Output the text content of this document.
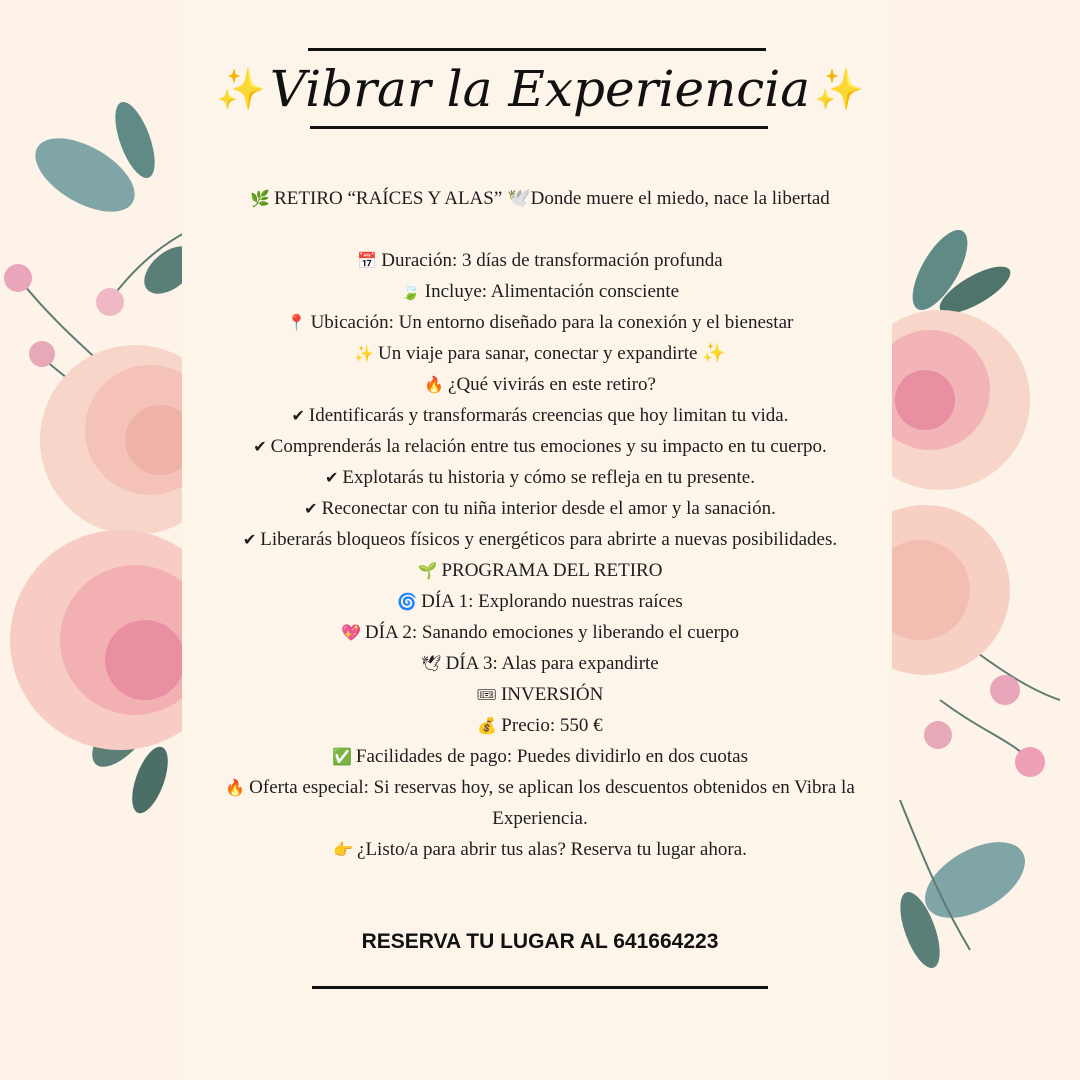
✨ Vibrar la Experiencia ✨
🌿 RETIRO “RAÍCES Y ALAS” 🕊️Donde muere el miedo, nace la libertad
📅 Duración: 3 días de transformación profunda
🍃 Incluye: Alimentación consciente
📍 Ubicación: Un entorno diseñado para la conexión y el bienestar
✨ Un viaje para sanar, conectar y expandirte ✨
🔥 ¿Qué vivirás en este retiro?
✔ Identificarás y transformarás creencias que hoy limitan tu vida.
✔ Comprenderás la relación entre tus emociones y su impacto en tu cuerpo.
✔ Explotarás tu historia y cómo se refleja en tu presente.
✔ Reconectar con tu niña interior desde el amor y la sanación.
✔ Liberarás bloqueos físicos y energéticos para abrirte a nuevas posibilidades.
🌱 PROGRAMA DEL RETIRO
🌀 DÍA 1: Explorando nuestras raíces
💖 DÍA 2: Sanando emociones y liberando el cuerpo
🕊 DÍA 3: Alas para expandirte
🎟 INVERSIÓN
💰 Precio: 550 €
✅ Facilidades de pago: Puedes dividirlo en dos cuotas
🔥 Oferta especial: Si reservas hoy, se aplican los descuentos obtenidos en Vibra la Experiencia.
👉 ¿Listo/a para abrir tus alas? Reserva tu lugar ahora.
RESERVA TU LUGAR AL 641664223
